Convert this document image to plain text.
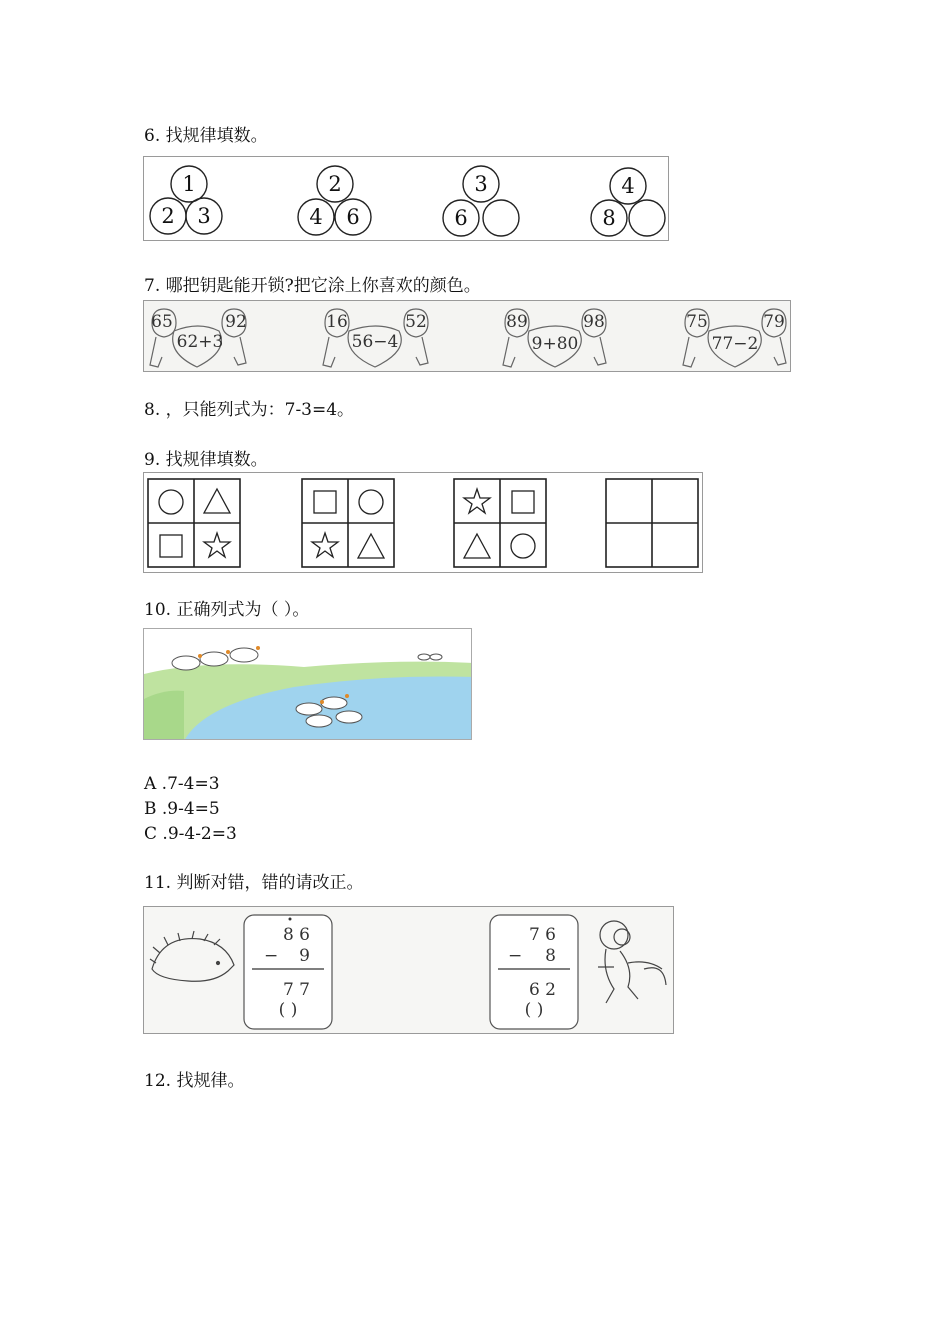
6. 找规律填数。
1
2 3
2
4 6
3
6
4
8
7. 哪把钥匙能开锁?把它涂上你喜欢的颜色。
65	92
62+3
16	52
56−4
89	98
9+80
75	79
77−2
8. ，只能列式为：7-3=4。
9. 找规律填数。
10. 正确列式为（ ）。
A .7-4=3
B .9-4=5
C .9-4-2=3
11. 判断对错，错的请改正。
8 6
− 9
7 7
( )
7 6
− 8
6 2
( )
12. 找规律。
